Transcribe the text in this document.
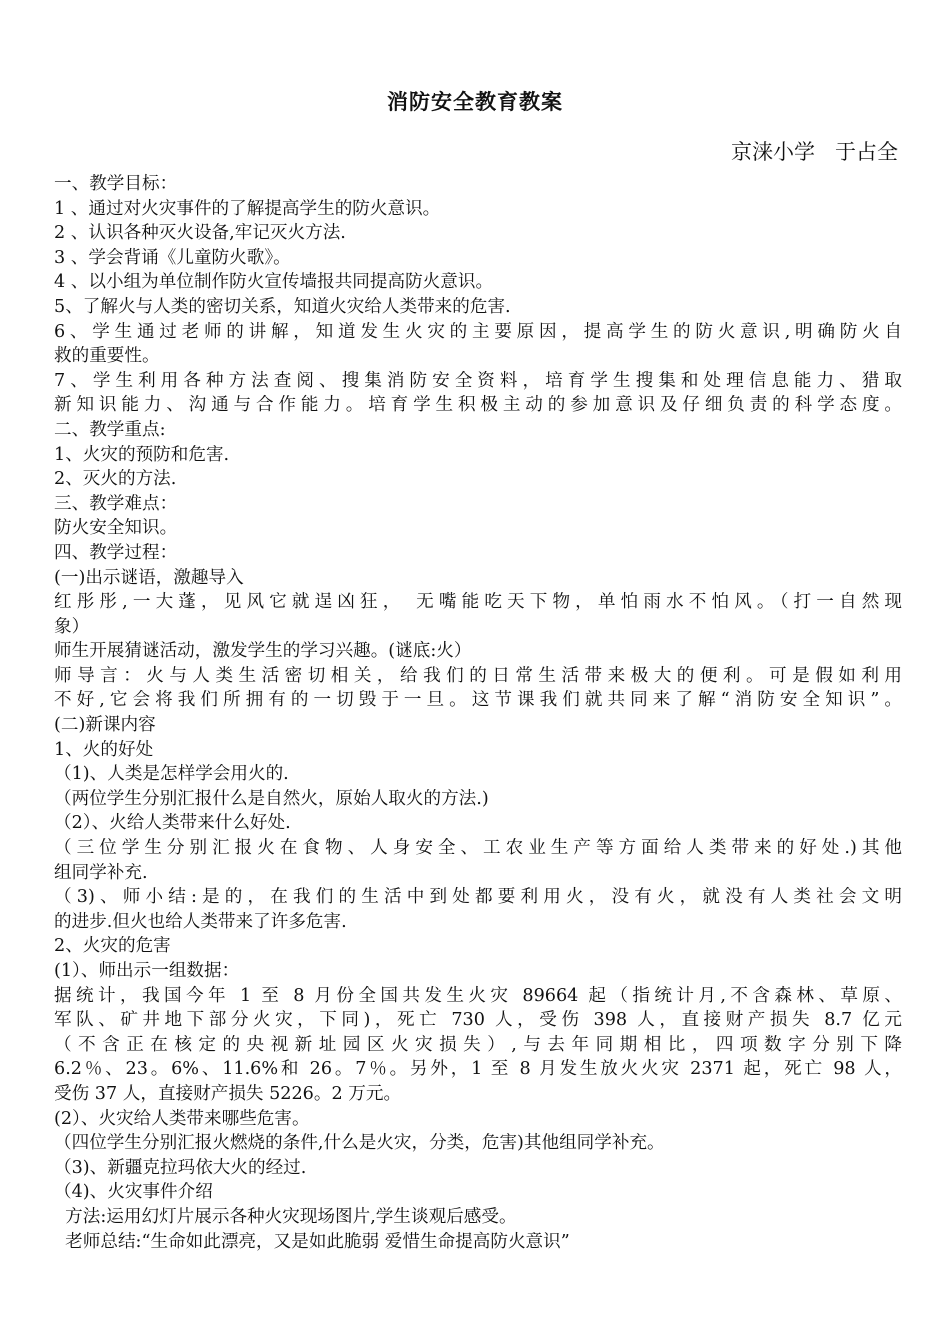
消防安全教育教案
京涞小学   于占全
一、教学目标：
1 、通过对火灾事件的了解提高学生的防火意识。
2 、认识各种灭火设备,牢记灭火方法.
3 、学会背诵《儿童防火歌》。
4 、以小组为单位制作防火宣传墙报共同提高防火意识。
5、了解火与人类的密切关系，知道火灾给人类带来的危害.
6、学生通过老师的讲解，知道发生火灾的主要原因，提高学生的防火意识,明确防火自
救的重要性。
7、学生利用各种方法查阅、搜集消防安全资料，培育学生搜集和处理信息能力、猎取
新知识能力、沟通与合作能力。培育学生积极主动的参加意识及仔细负责的科学态度。
二、教学重点:
1、火灾的预防和危害.
2、灭火的方法.
三、教学难点：
防火安全知识。
四、教学过程：
(一)出示谜语，激趣导入
红彤彤,一大蓬，见风它就逞凶狂， 无嘴能吃天下物，单怕雨水不怕风。（打一自然现
象）
师生开展猜谜活动，激发学生的学习兴趣。(谜底:火）
师导言：火与人类生活密切相关，给我们的日常生活带来极大的便利。可是假如利用
不好,它会将我们所拥有的一切毁于一旦。这节课我们就共同来了解“消防安全知识”。
(二)新课内容
1、火的好处
（1)、人类是怎样学会用火的.
（两位学生分别汇报什么是自然火，原始人取火的方法.)
（2）、火给人类带来什么好处.
（三位学生分别汇报火在食物、人身安全、工农业生产等方面给人类带来的好处.)其他
组同学补充.
（3)、师小结:是的，在我们的生活中到处都要利用火，没有火，就没有人类社会文明
的进步.但火也给人类带来了许多危害.
2、火灾的危害
(1）、师出示一组数据：
据统计，我国今年 1 至 8 月份全国共发生火灾 89664 起（指统计月,不含森林、草原、
军队、矿井地下部分火灾，下同)，死亡 730 人，受伤 398 人，直接财产损失 8.7 亿元
（不含正在核定的央视新址园区火灾损失）,与去年同期相比，四项数字分别下降
6.2％、23。6%、11.6%和 26。7％。另外，1 至 8 月发生放火火灾 2371 起，死亡 98 人，
受伤 37 人，直接财产损失 5226。2 万元。
(2）、火灾给人类带来哪些危害。
（四位学生分别汇报火燃烧的条件,什么是火灾，分类，危害)其他组同学补充。
（3)、新疆克拉玛依大火的经过.
（4)、火灾事件介绍
方法:运用幻灯片展示各种火灾现场图片,学生谈观后感受。
老师总结:“生命如此漂亮，又是如此脆弱 爱惜生命提高防火意识”
